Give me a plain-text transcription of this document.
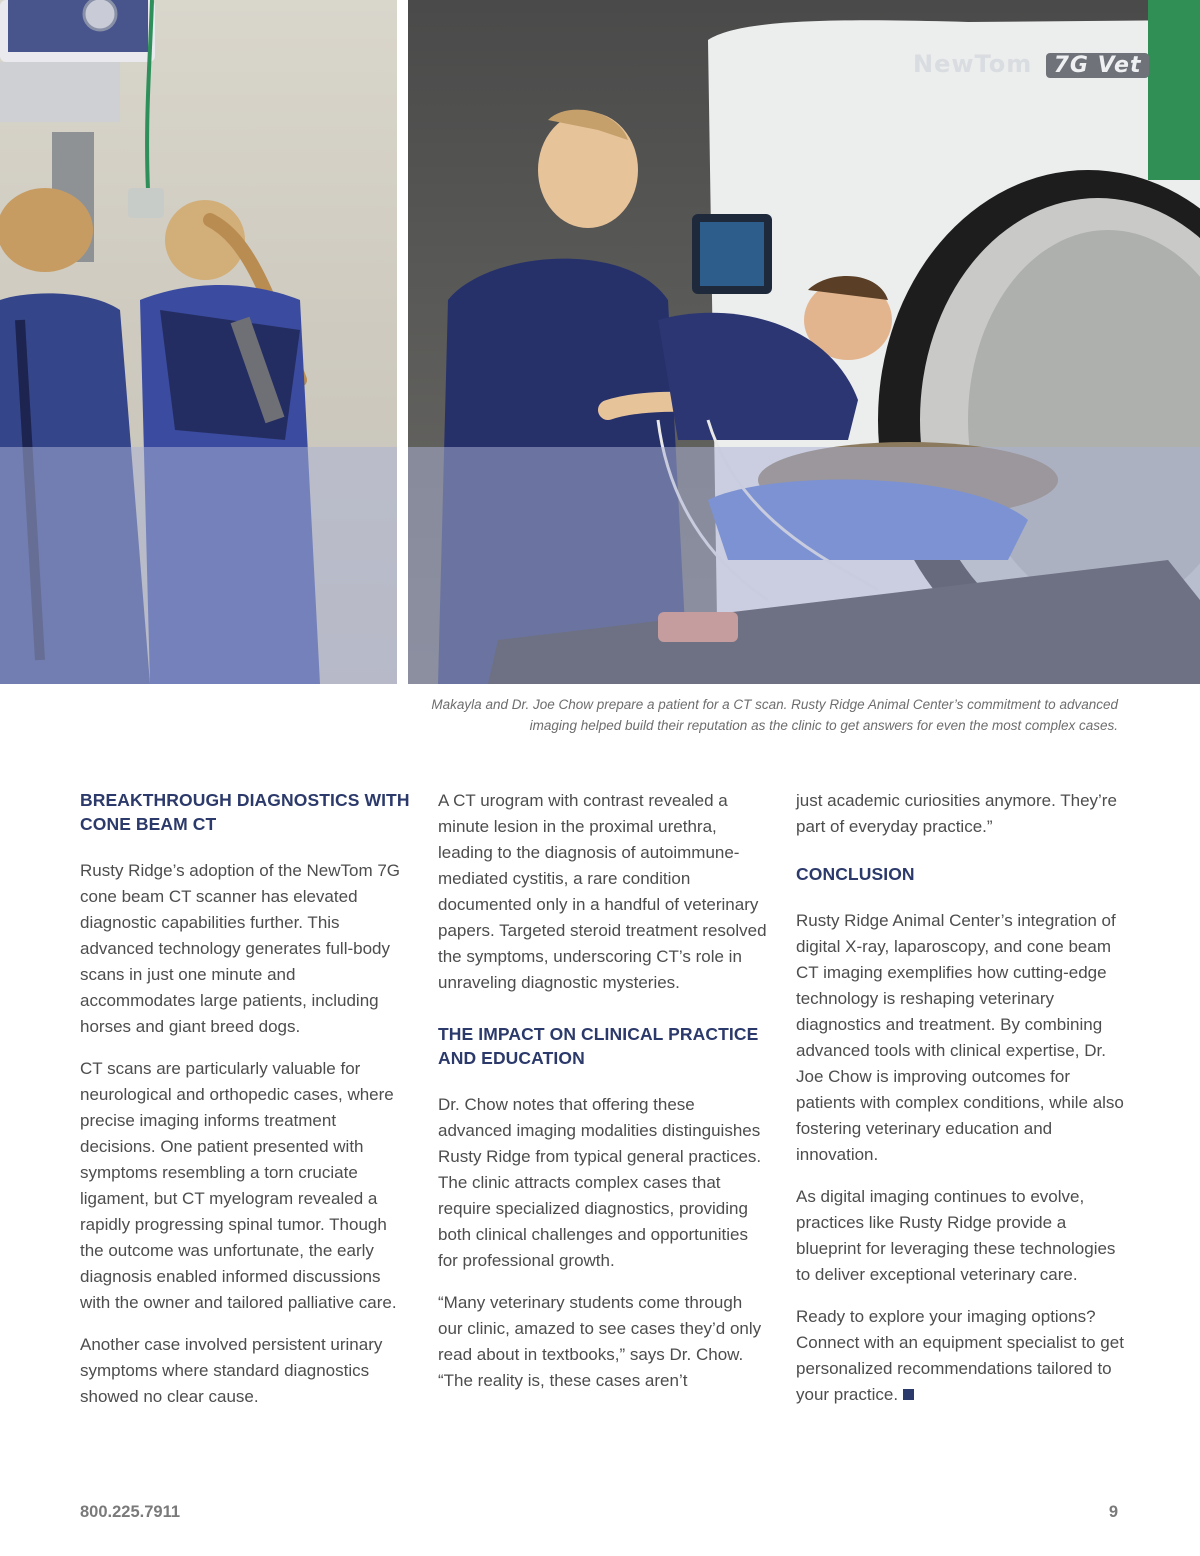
NewTom 7G Vet
Makayla and Dr. Joe Chow prepare a patient for a CT scan. Rusty Ridge Animal Center’s commitment to advanced imaging helped build their reputation as the clinic to get answers for even the most complex cases.
BREAKTHROUGH DIAGNOSTICS WITH CONE BEAM CT

Rusty Ridge’s adoption of the NewTom 7G cone beam CT scanner has elevated diagnostic capabilities further. This advanced technology generates full-body scans in just one minute and accommodates large patients, including horses and giant breed dogs.

CT scans are particularly valuable for neurological and orthopedic cases, where precise imaging informs treatment decisions. One patient presented with symptoms resembling a torn cruciate ligament, but CT myelogram revealed a rapidly progressing spinal tumor. Though the outcome was unfortunate, the early diagnosis enabled informed discussions with the owner and tailored palliative care.

Another case involved persistent urinary symptoms where standard diagnostics showed no clear cause.

A CT urogram with contrast revealed a minute lesion in the proximal urethra, leading to the diagnosis of autoimmune-mediated cystitis, a rare condition documented only in a handful of veterinary papers. Targeted steroid treatment resolved the symptoms, underscoring CT’s role in unraveling diagnostic mysteries.

THE IMPACT ON CLINICAL PRACTICE AND EDUCATION

Dr. Chow notes that offering these advanced imaging modalities distinguishes Rusty Ridge from typical general practices. The clinic attracts complex cases that require specialized diagnostics, providing both clinical challenges and opportunities for professional growth.

“Many veterinary students come through our clinic, amazed to see cases they’d only read about in textbooks,” says Dr. Chow. “The reality is, these cases aren’t

just academic curiosities anymore. They’re part of everyday practice.”

CONCLUSION

Rusty Ridge Animal Center’s integration of digital X-ray, laparoscopy, and cone beam CT imaging exemplifies how cutting-edge technology is reshaping veterinary diagnostics and treatment. By combining advanced tools with clinical expertise, Dr. Joe Chow is improving outcomes for patients with complex conditions, while also fostering veterinary education and innovation.

As digital imaging continues to evolve, practices like Rusty Ridge provide a blueprint for leveraging these technologies to deliver exceptional veterinary care.

Ready to explore your imaging options? Connect with an equipment specialist to get personalized recommendations tailored to your practice.

800.225.7911	9
